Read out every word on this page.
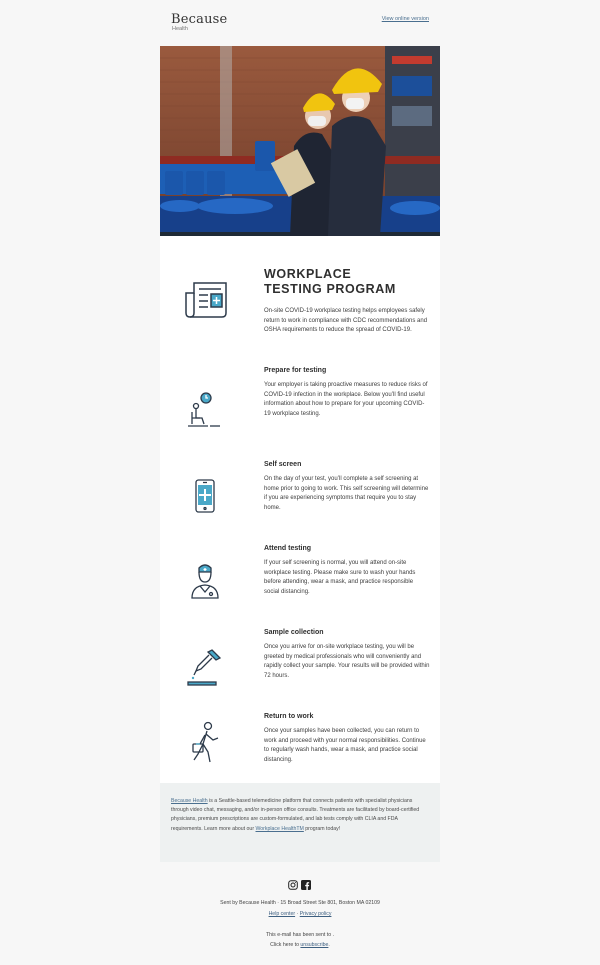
Because
Health
View online version
WORKPLACE
TESTING PROGRAM
On-site COVID-19 workplace testing helps employees safely return to work in compliance with CDC recommendations and OSHA requirements to reduce the spread of COVID-19.
Prepare for testing
Your employer is taking proactive measures to reduce risks of COVID-19 infection in the workplace. Below you’ll find useful information about how to prepare for your upcoming COVID-19 workplace testing.
Self screen
On the day of your test, you’ll complete a self screening at home prior to going to work. This self screening will determine if you are experiencing symptoms that require you to stay home.
Attend testing
If your self screening is normal, you will attend on-site workplace testing. Please make sure to wash your hands before attending, wear a mask, and practice responsible social distancing.
Sample collection
Once you arrive for on-site workplace testing, you will be greeted by medical professionals who will conveniently and rapidly collect your sample. Your results will be provided within 72 hours.
Return to work
Once your samples have been collected, you can return to work and proceed with your normal responsibilities. Continue to regularly wash hands, wear a mask, and practice social distancing.
Because Health is a Seattle-based telemedicine platform that connects patients with specialist physicians through video chat, messaging, and/or in-person office consults. Treatments are facilitated by board-certified physicians, premium prescriptions are custom-formulated, and lab tests comply with CLIA and FDA requirements. Learn more about our Workplace HealthTM program today!
Sent by Because Health · 15 Broad Street Ste 801, Boston MA 02109
Help center · Privacy policy
This e-mail has been sent to .
Click here to unsubscribe.
